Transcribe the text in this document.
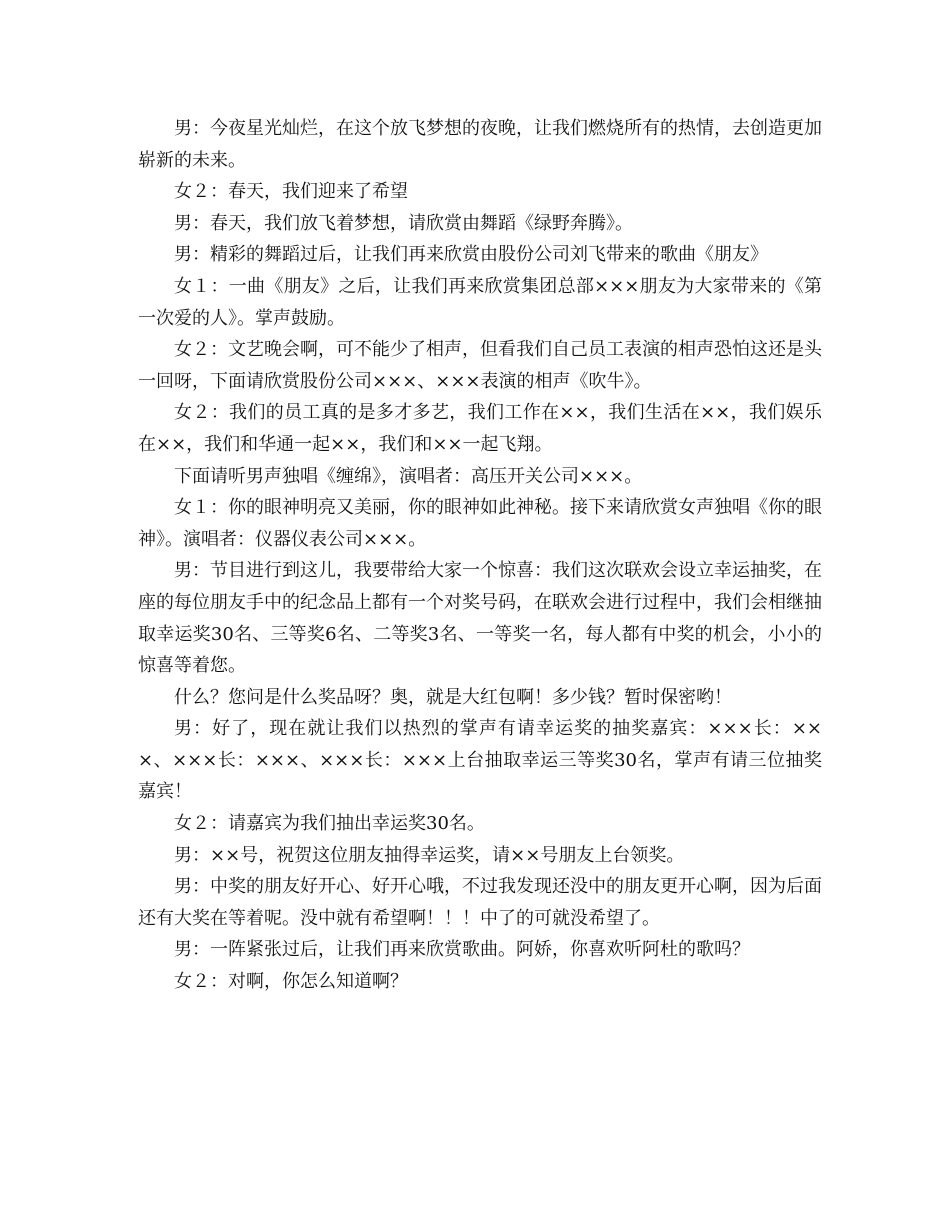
男：今夜星光灿烂，在这个放飞梦想的夜晚，让我们燃烧所有的热情，去创造更加崭新的未来。

女２：春天，我们迎来了希望

男：春天，我们放飞着梦想，请欣赏由舞蹈《绿野奔腾》。

男：精彩的舞蹈过后，让我们再来欣赏由股份公司刘飞带来的歌曲《朋友》

女１：一曲《朋友》之后，让我们再来欣赏集团总部×××朋友为大家带来的《第一次爱的人》。掌声鼓励。

女２：文艺晚会啊，可不能少了相声，但看我们自己员工表演的相声恐怕这还是头一回呀，下面请欣赏股份公司×××、×××表演的相声《吹牛》。

女２：我们的员工真的是多才多艺，我们工作在××，我们生活在××，我们娱乐在××，我们和华通一起××，我们和××一起飞翔。

下面请听男声独唱《缠绵》，演唱者：高压开关公司×××。

女１：你的眼神明亮又美丽，你的眼神如此神秘。接下来请欣赏女声独唱《你的眼神》。演唱者：仪器仪表公司×××。

男：节目进行到这儿，我要带给大家一个惊喜：我们这次联欢会设立幸运抽奖，在座的每位朋友手中的纪念品上都有一个对奖号码，在联欢会进行过程中，我们会相继抽取幸运奖30名、三等奖6名、二等奖3名、一等奖一名，每人都有中奖的机会，小小的惊喜等着您。

什么？您问是什么奖品呀？奥，就是大红包啊！多少钱？暂时保密哟！

男：好了，现在就让我们以热烈的掌声有请幸运奖的抽奖嘉宾：×××长：×××、×××长：×××、×××长：×××上台抽取幸运三等奖30名，掌声有请三位抽奖嘉宾！

女２：请嘉宾为我们抽出幸运奖30名。

男：××号，祝贺这位朋友抽得幸运奖，请××号朋友上台领奖。

男：中奖的朋友好开心、好开心哦，不过我发现还没中的朋友更开心啊，因为后面还有大奖在等着呢。没中就有希望啊！！！中了的可就没希望了。

男：一阵紧张过后，让我们再来欣赏歌曲。阿娇，你喜欢听阿杜的歌吗？

女２：对啊，你怎么知道啊？
